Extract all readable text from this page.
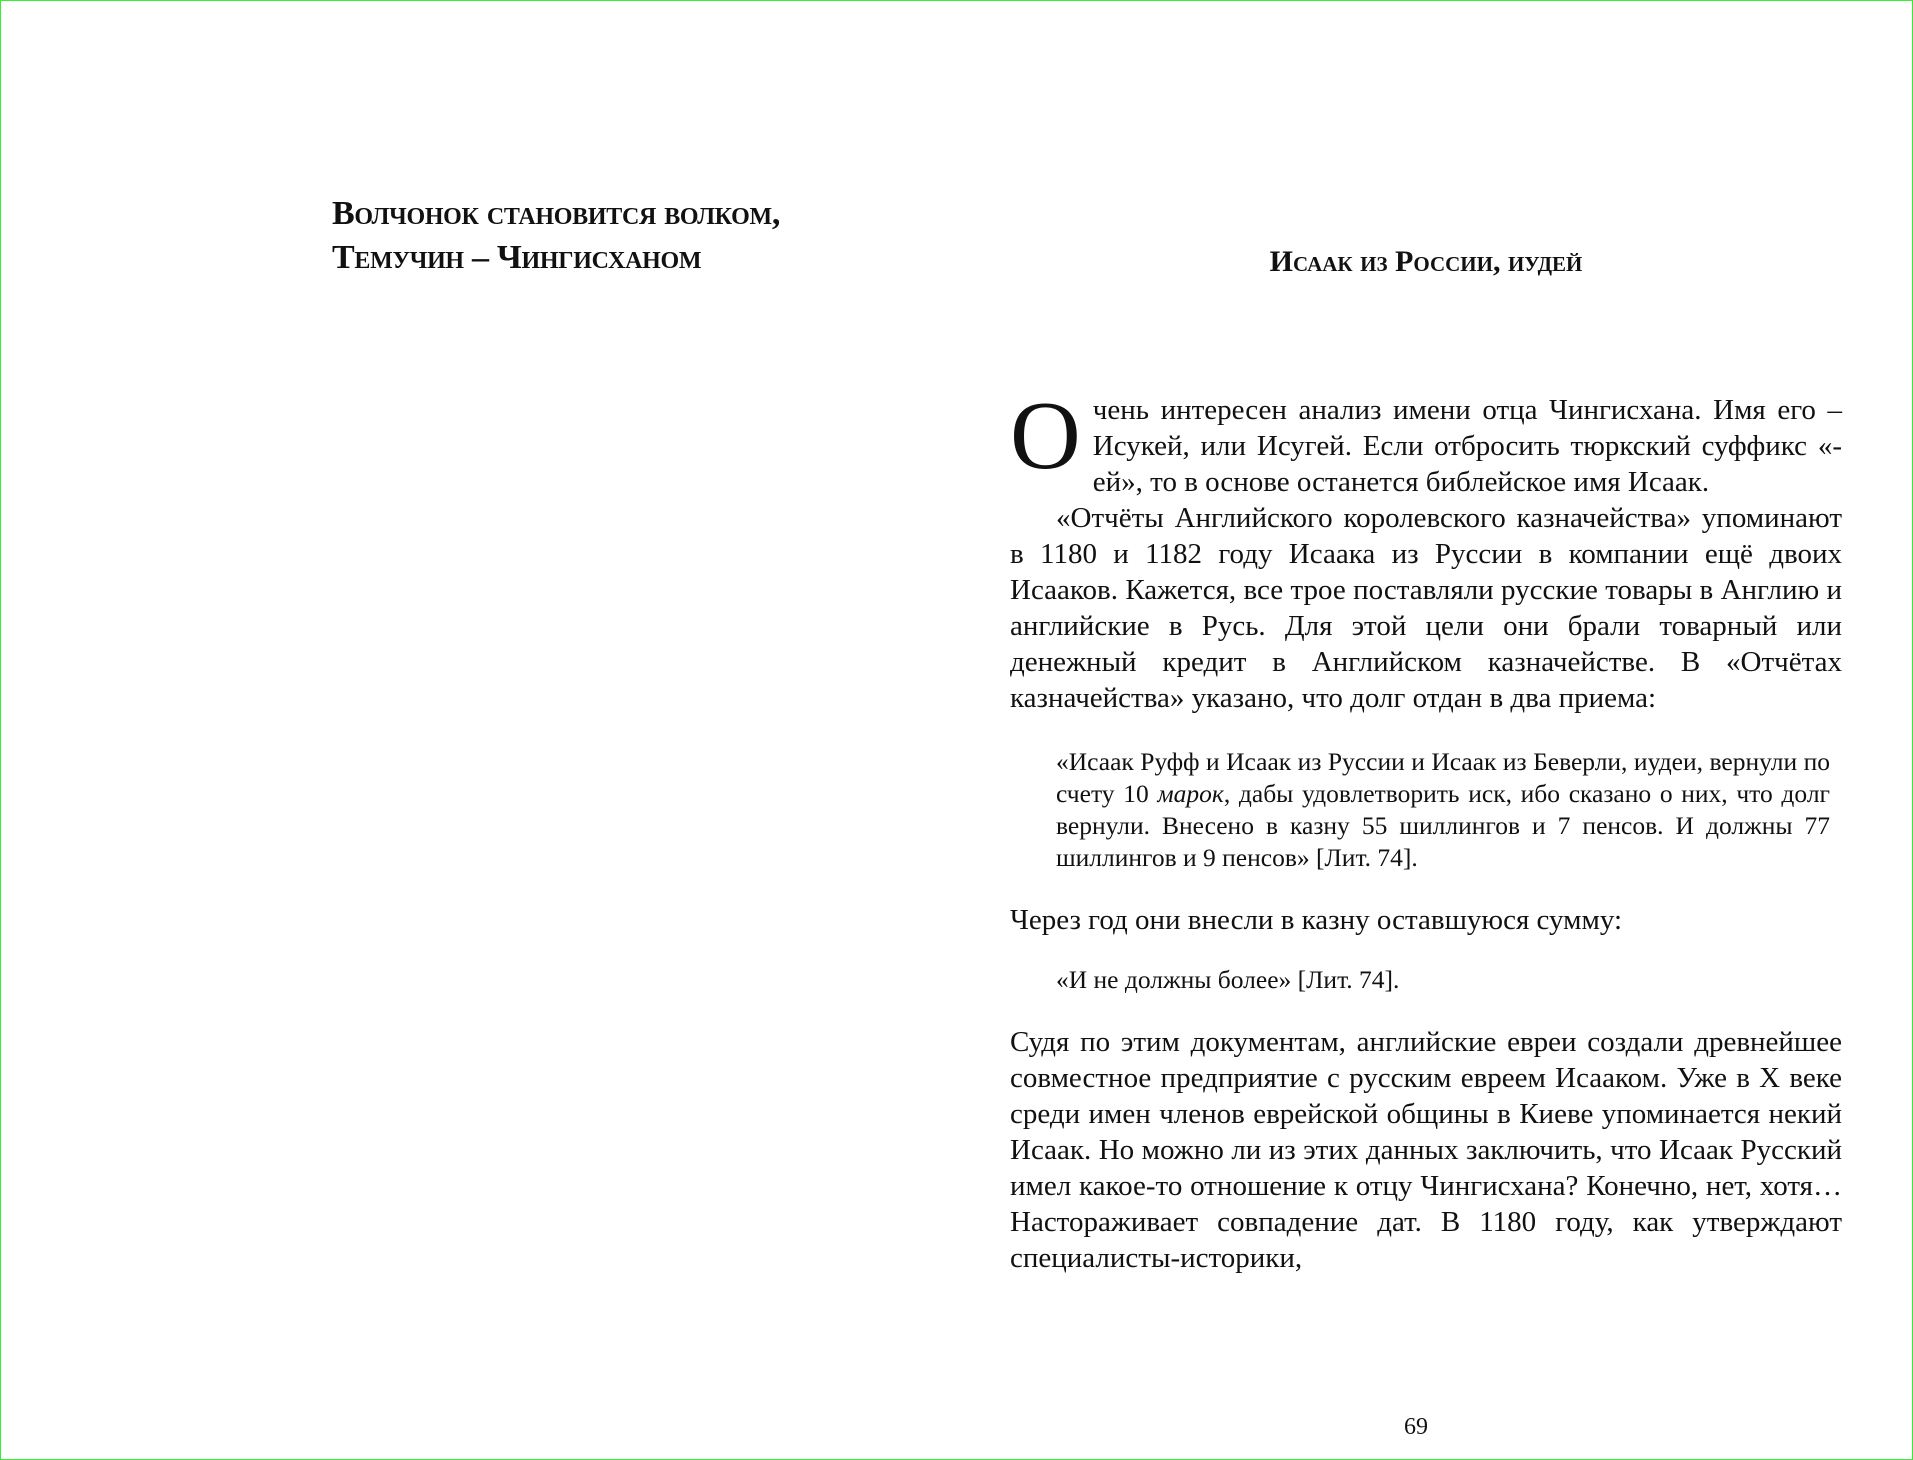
Волчонок становится волком,
Темучин – Чингисханом	Исаак из России, иудей

Очень интересен анализ имени отца Чингисхана. Имя его – Исукей, или Исугей. Если отбросить тюркский суффикс «-ей», то в основе останется библейское имя Исаак.

«Отчёты Английского королевского казначейства» упоминают в 1180 и 1182 году Исаака из Руссии в компании ещё двоих Исааков. Кажется, все трое поставляли русские товары в Англию и английские в Русь. Для этой цели они брали товарный или денежный кредит в Английском казначействе. В «Отчётах казначейства» указано, что долг отдан в два приема:

«Исаак Руфф и Исаак из Руссии и Исаак из Беверли, иудеи, вернули по счету 10 марок, дабы удовлетворить иск, ибо сказано о них, что долг вернули. Внесено в казну 55 шиллингов и 7 пенсов. И должны 77 шиллингов и 9 пенсов» [Лит. 74].

Через год они внесли в казну оставшуюся сумму:

«И не должны более» [Лит. 74].

Судя по этим документам, английские евреи создали древнейшее совместное предприятие с русским евреем Исааком. Уже в X веке среди имен членов еврейской общины в Киеве упоминается некий Исаак. Но можно ли из этих данных заключить, что Исаак Русский имел какое-то отношение к отцу Чингисхана? Конечно, нет, хотя… Настораживает совпадение дат. В 1180 году, как утверждают специалисты-историки,

69
